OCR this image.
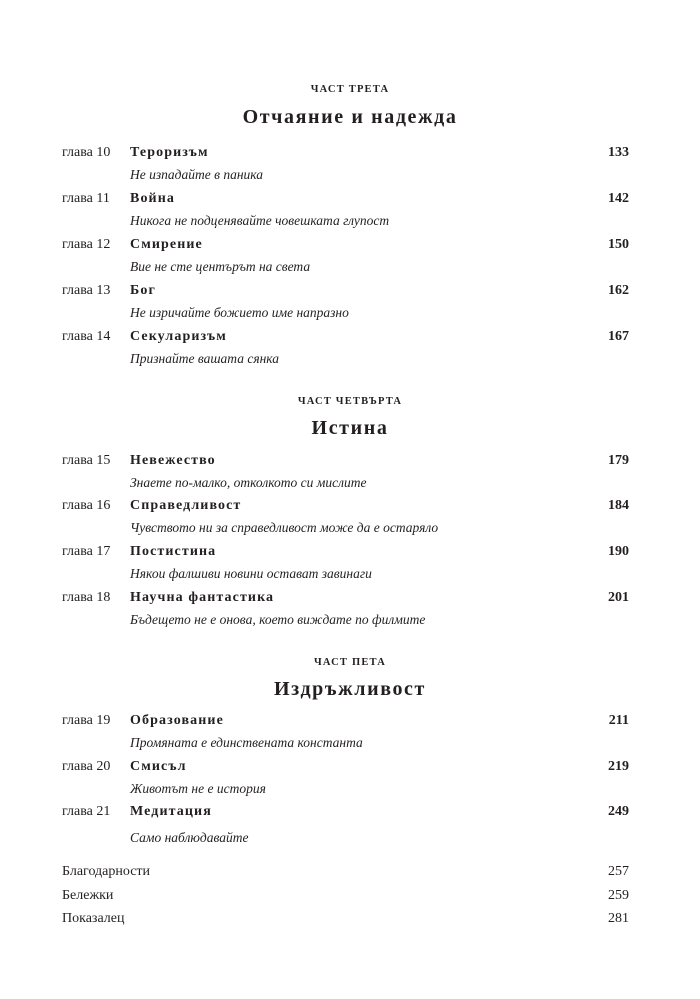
ЧАСТ ТРЕТА
Отчаяние и надежда
глава 10 Тероризъм	133
Не изпадайте в паника
глава 11 Война	142
Никога не подценявайте човешката глупост
глава 12 Смирение	150
Вие не сте центърът на света
глава 13 Бог	162
Не изричайте божието име напразно
глава 14 Секуларизъм	167
Признайте вашата сянка
ЧАСТ ЧЕТВЪРТА
Истина
глава 15 Невежество	179
Знаете по-малко, отколкото си мислите
глава 16 Справедливост	184
Чувството ни за справедливост може да е остаряло
глава 17 Постистина	190
Някои фалшиви новини остават завинаги
глава 18 Научна фантастика	201
Бъдещето не е онова, което виждате по филмите
ЧАСТ ПЕТА
Издръжливост
глава 19 Образование	211
Промяната е единствената константа
глава 20 Смисъл	219
Животът не е история
глава 21 Медитация	249
Само наблюдавайте
Благодарности	257
Бележки	259
Показалец	281
